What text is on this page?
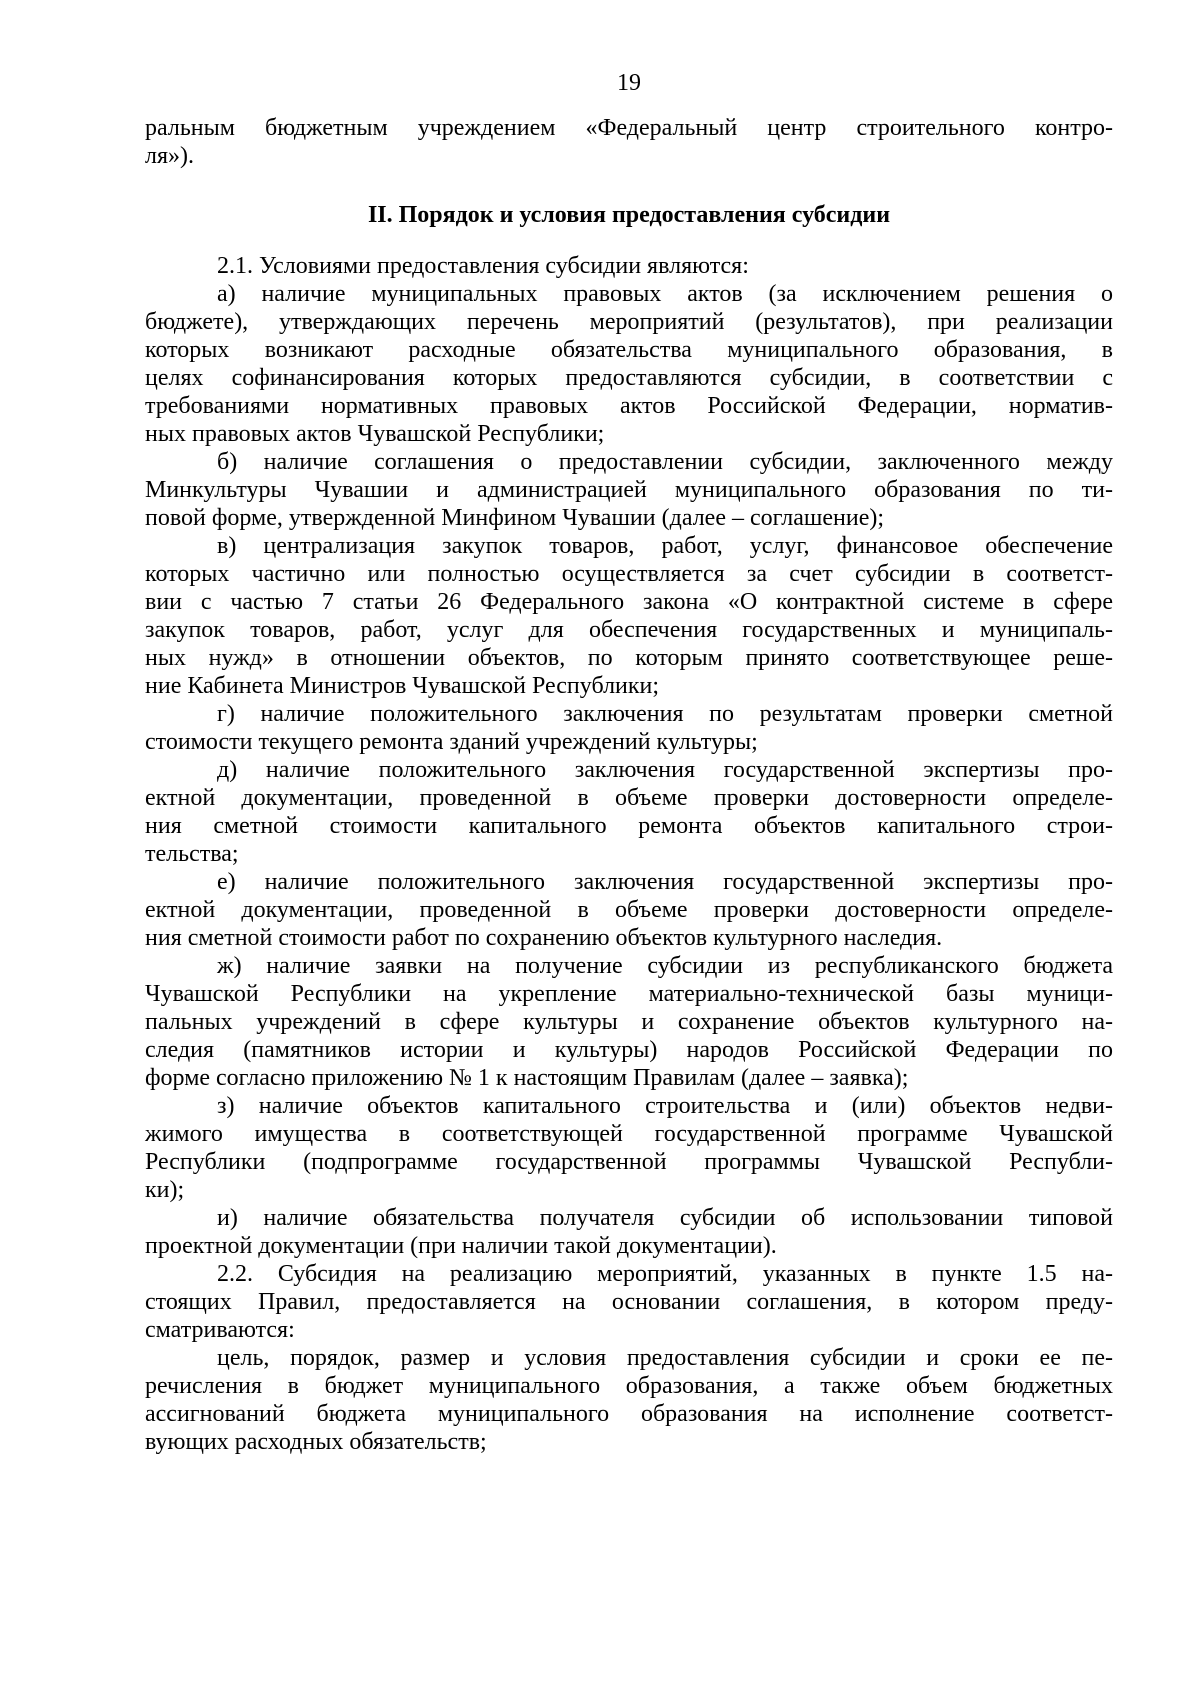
19
ральным бюджетным учреждением «Федеральный центр строительного контро-
ля»).
II. Порядок и условия предоставления субсидии
2.1. Условиями предоставления субсидии являются:
а) наличие муниципальных правовых актов (за исключением решения о
бюджете), утверждающих перечень мероприятий (результатов), при реализации
которых возникают расходные обязательства муниципального образования, в
целях софинансирования которых предоставляются субсидии, в соответствии с
требованиями нормативных правовых актов Российской Федерации, норматив-
ных правовых актов Чувашской Республики;
б) наличие соглашения о предоставлении субсидии, заключенного между
Минкультуры Чувашии и администрацией муниципального образования по ти-
повой форме, утвержденной Минфином Чувашии (далее – соглашение);
в) централизация закупок товаров, работ, услуг, финансовое обеспечение
которых частично или полностью осуществляется за счет субсидии в соответст-
вии с частью 7 статьи 26 Федерального закона «О контрактной системе в сфере
закупок товаров, работ, услуг для обеспечения государственных и муниципаль-
ных нужд» в отношении объектов, по которым принято соответствующее реше-
ние Кабинета Министров Чувашской Республики;
г) наличие положительного заключения по результатам проверки сметной
стоимости текущего ремонта зданий учреждений культуры;
д) наличие положительного заключения государственной экспертизы про-
ектной документации, проведенной в объеме проверки достоверности определе-
ния сметной стоимости капитального ремонта объектов капитального строи-
тельства;
е) наличие положительного заключения государственной экспертизы про-
ектной документации, проведенной в объеме проверки достоверности определе-
ния сметной стоимости работ по сохранению объектов культурного наследия.
ж) наличие заявки на получение субсидии из республиканского бюджета
Чувашской Республики на укрепление материально-технической базы муници-
пальных учреждений в сфере культуры и сохранение объектов культурного на-
следия (памятников истории и культуры) народов Российской Федерации по
форме согласно приложению № 1 к настоящим Правилам (далее – заявка);
з) наличие объектов капитального строительства и (или) объектов недви-
жимого имущества в соответствующей государственной программе Чувашской
Республики (подпрограмме государственной программы Чувашской Республи-
ки);
и) наличие обязательства получателя субсидии об использовании типовой
проектной документации (при наличии такой документации).
2.2. Субсидия на реализацию мероприятий, указанных в пункте 1.5 на-
стоящих Правил, предоставляется на основании соглашения, в котором преду-
сматриваются:
цель, порядок, размер и условия предоставления субсидии и сроки ее пе-
речисления в бюджет муниципального образования, а также объем бюджетных
ассигнований бюджета муниципального образования на исполнение соответст-
вующих расходных обязательств;
